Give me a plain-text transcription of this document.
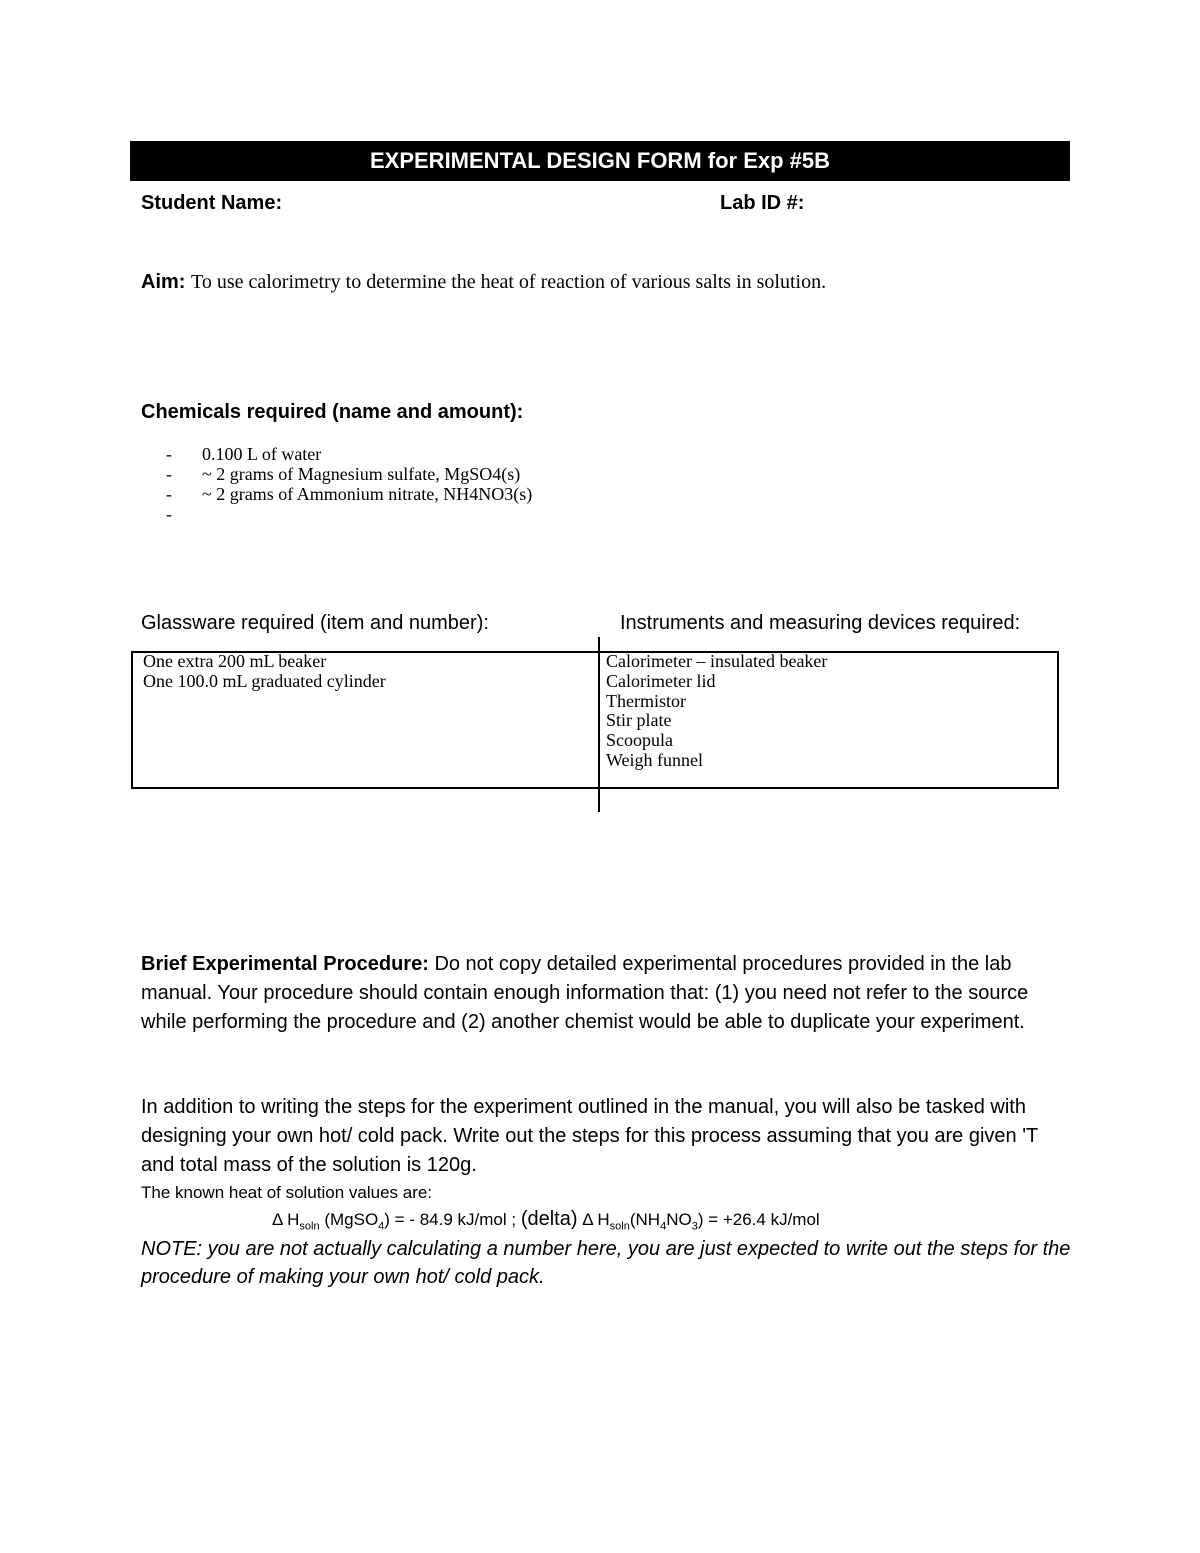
EXPERIMENTAL DESIGN FORM for Exp #5B
Student Name:	Lab ID #:
Aim: To use calorimetry to determine the heat of reaction of various salts in solution.
Chemicals required (name and amount):
- 0.100 L of water
- ~ 2 grams of Magnesium sulfate, MgSO4(s)
- ~ 2 grams of Ammonium nitrate, NH4NO3(s)
-
Glassware required (item and number):	Instruments and measuring devices required:
One extra 200 mL beaker
One 100.0 mL graduated cylinder
Calorimeter – insulated beaker
Calorimeter lid
Thermistor
Stir plate
Scoopula
Weigh funnel
Brief Experimental Procedure: Do not copy detailed experimental procedures provided in the lab manual. Your procedure should contain enough information that: (1) you need not refer to the source while performing the procedure and (2) another chemist would be able to duplicate your experiment.
In addition to writing the steps for the experiment outlined in the manual, you will also be tasked with designing your own hot/ cold pack. Write out the steps for this process assuming that you are given 'T and total mass of the solution is 120g.
The known heat of solution values are:
Δ $H_{soln}$ (MgSO$_4$) = - 84.9 kJ/mol ; (delta) Δ $H_{soln}(NH_4NO_3) = +26.4$ kJ/mol
NOTE: you are not actually calculating a number here, you are just expected to write out the steps for the procedure of making your own hot/ cold pack.
